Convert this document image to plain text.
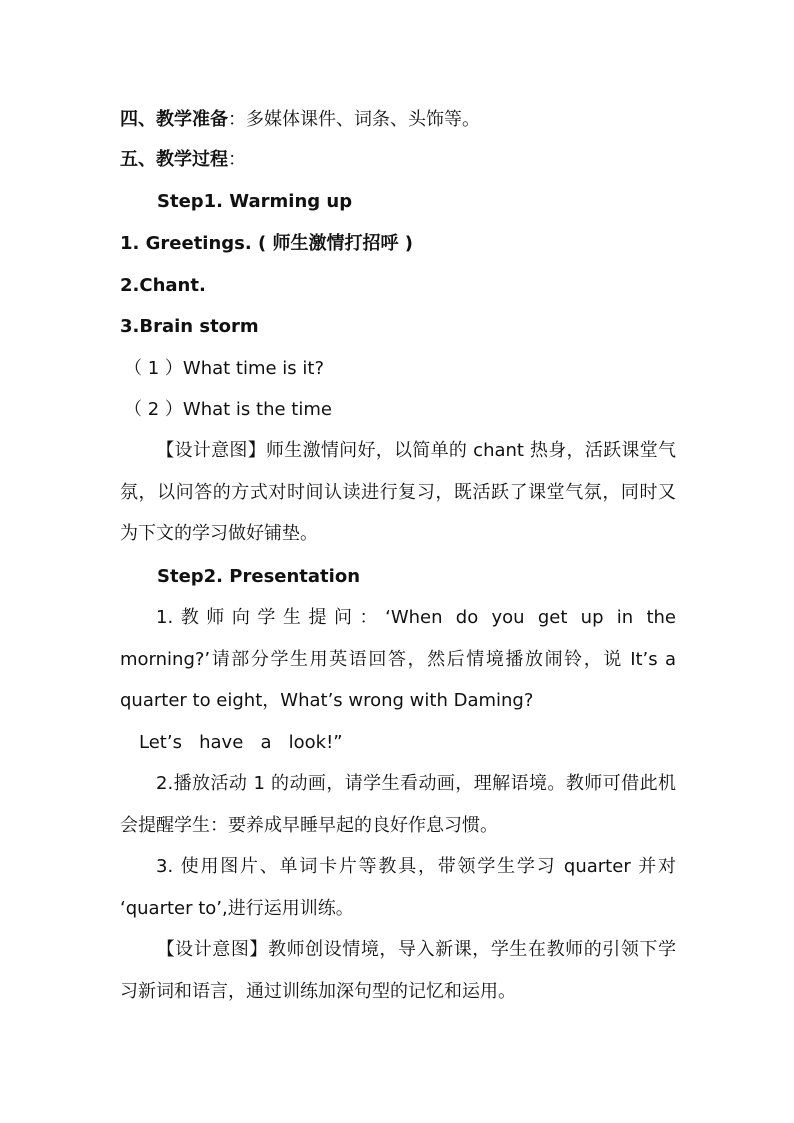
四、教学准备：多媒体课件、词条、头饰等。
五、教学过程：
Step1. Warming up
1. Greetings. ( 师生激情打招呼 )
2.Chant.
3.Brain storm
（ 1 ）What time is it?
（ 2 ）What is the time
【设计意图】师生激情问好，以简单的 chant 热身，活跃课堂气氛，以问答的方式对时间认读进行复习，既活跃了课堂气氛，同时又为下文的学习做好铺垫。
Step2. Presentation
1.教师向学生提问：‘When do you get up in the morning?’请部分学生用英语回答，然后情境播放闹铃，说 It’s a quarter to eight，What’s wrong with Daming?
Let’s   have   a   look!”
2.播放活动 1 的动画，请学生看动画，理解语境。教师可借此机会提醒学生：要养成早睡早起的良好作息习惯。
3. 使用图片、单词卡片等教具，带领学生学习 quarter 并对 ‘quarter to’,进行运用训练。
【设计意图】教师创设情境，导入新课，学生在教师的引领下学习新词和语言，通过训练加深句型的记忆和运用。
